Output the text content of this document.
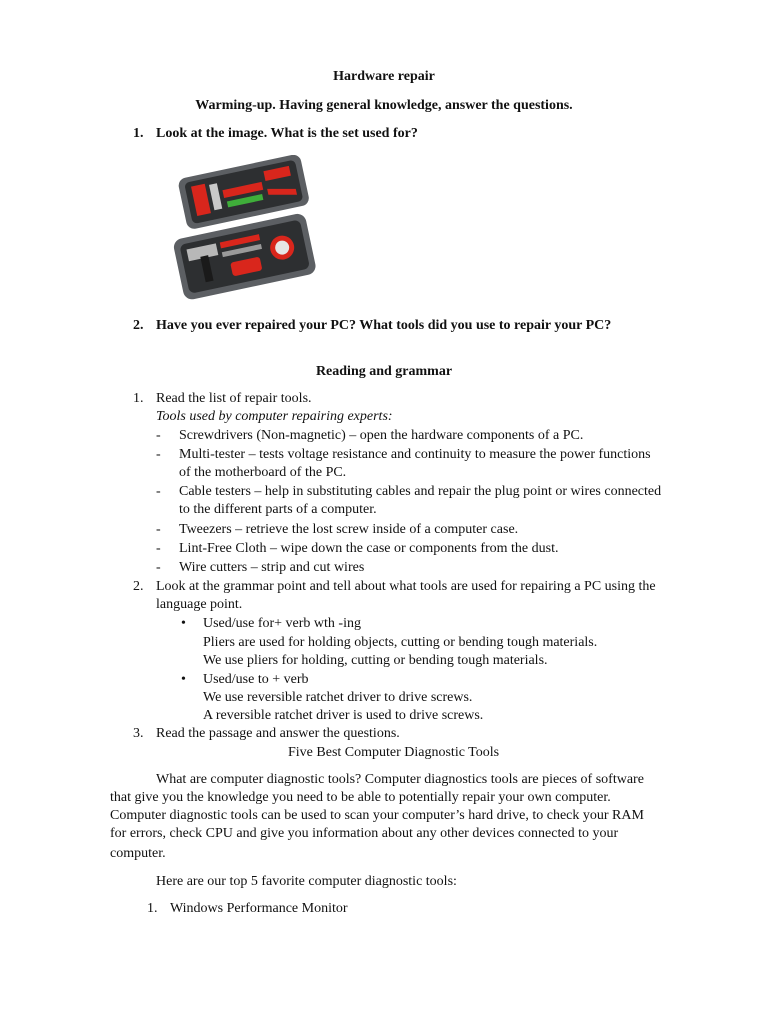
Hardware repair
Warming-up. Having general knowledge, answer the questions.
1. Look at the image. What is the set used for?
2. Have you ever repaired your PC? What tools did you use to repair your PC?
Reading and grammar
1. Read the list of repair tools.
Tools used by computer repairing experts:
- Screwdrivers (Non-magnetic) – open the hardware components of a PC.
- Multi-tester – tests voltage resistance and continuity to measure the power functions
of the motherboard of the PC.
- Cable testers – help in substituting cables and repair the plug point or wires connected
to the different parts of a computer.
- Tweezers – retrieve the lost screw inside of a computer case.
- Lint-Free Cloth – wipe down the case or components from the dust.
- Wire cutters – strip and cut wires
2. Look at the grammar point and tell about what tools are used for repairing a PC using the
language point.
• Used/use for+ verb wth -ing
Pliers are used for holding objects, cutting or bending tough materials.
We use pliers for holding, cutting or bending tough materials.
• Used/use to + verb
We use reversible ratchet driver to drive screws.
A reversible ratchet driver is used to drive screws.
3. Read the passage and answer the questions.
Five Best Computer Diagnostic Tools
What are computer diagnostic tools? Computer diagnostics tools are pieces of software
that give you the knowledge you need to be able to potentially repair your own computer.
Computer diagnostic tools can be used to scan your computer’s hard drive, to check your RAM
for errors, check CPU and give you information about any other devices connected to your
computer.
Here are our top 5 favorite computer diagnostic tools:
1. Windows Performance Monitor
